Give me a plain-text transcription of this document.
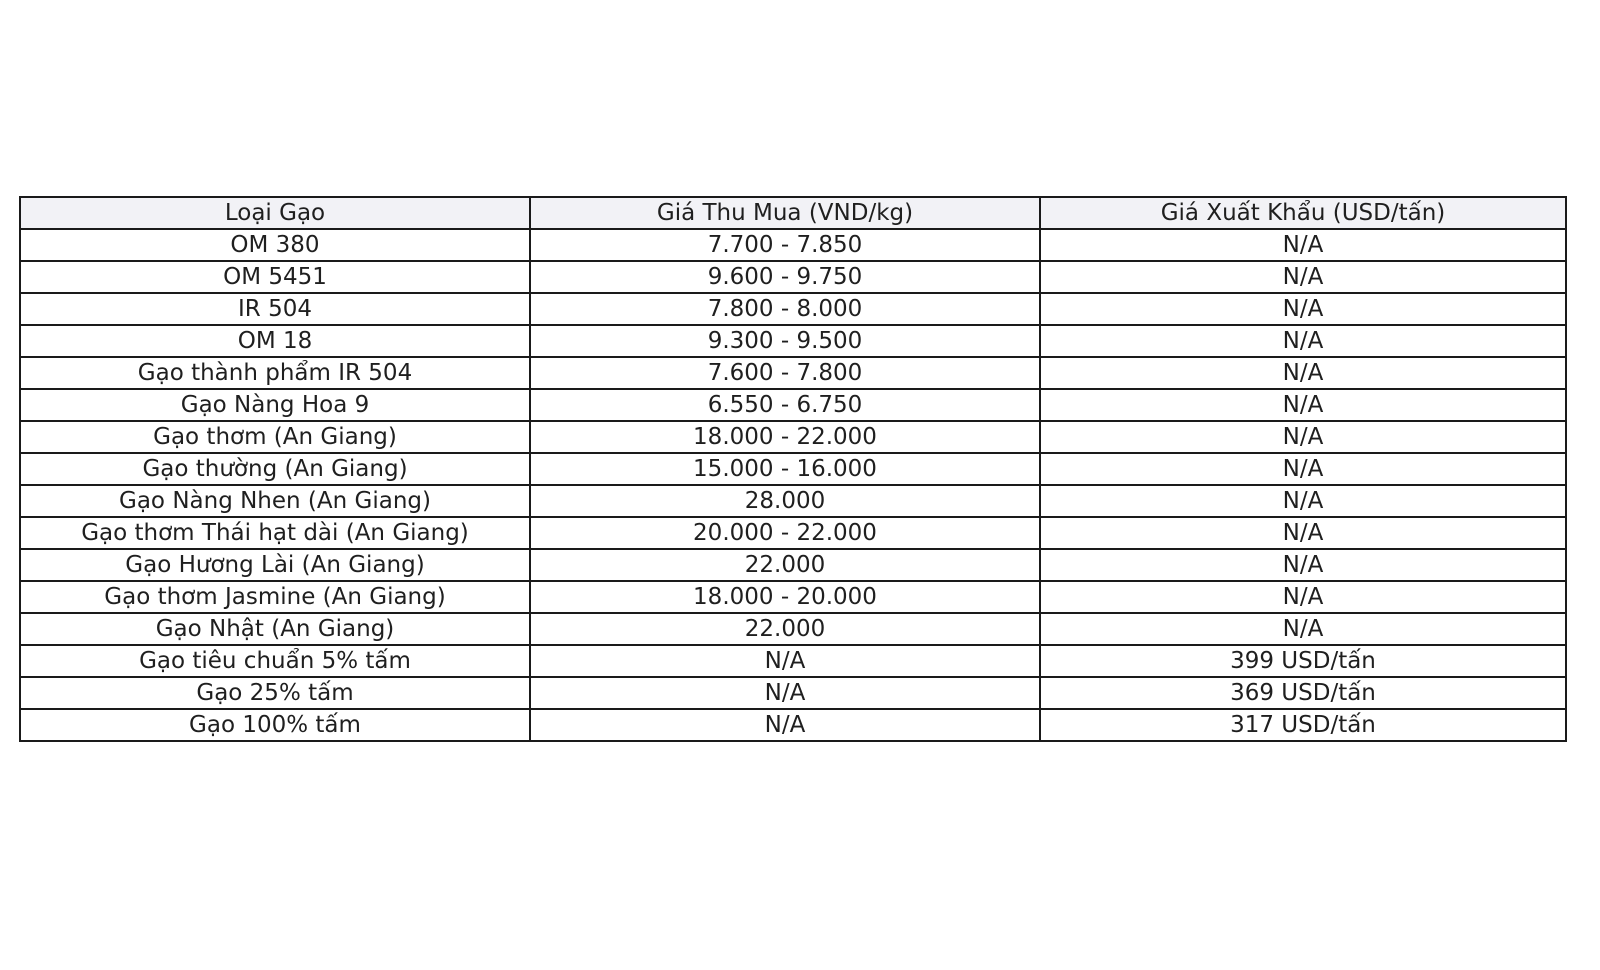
Loại Gạo	Giá Thu Mua (VND/kg)	Giá Xuất Khẩu (USD/tấn)
OM 380	7.700 - 7.850	N/A
OM 5451	9.600 - 9.750	N/A
IR 504	7.800 - 8.000	N/A
OM 18	9.300 - 9.500	N/A
Gạo thành phẩm IR 504	7.600 - 7.800	N/A
Gạo Nàng Hoa 9	6.550 - 6.750	N/A
Gạo thơm (An Giang)	18.000 - 22.000	N/A
Gạo thường (An Giang)	15.000 - 16.000	N/A
Gạo Nàng Nhen (An Giang)	28.000	N/A
Gạo thơm Thái hạt dài (An Giang)	20.000 - 22.000	N/A
Gạo Hương Lài (An Giang)	22.000	N/A
Gạo thơm Jasmine (An Giang)	18.000 - 20.000	N/A
Gạo Nhật (An Giang)	22.000	N/A
Gạo tiêu chuẩn 5% tấm	N/A	399 USD/tấn
Gạo 25% tấm	N/A	369 USD/tấn
Gạo 100% tấm	N/A	317 USD/tấn
